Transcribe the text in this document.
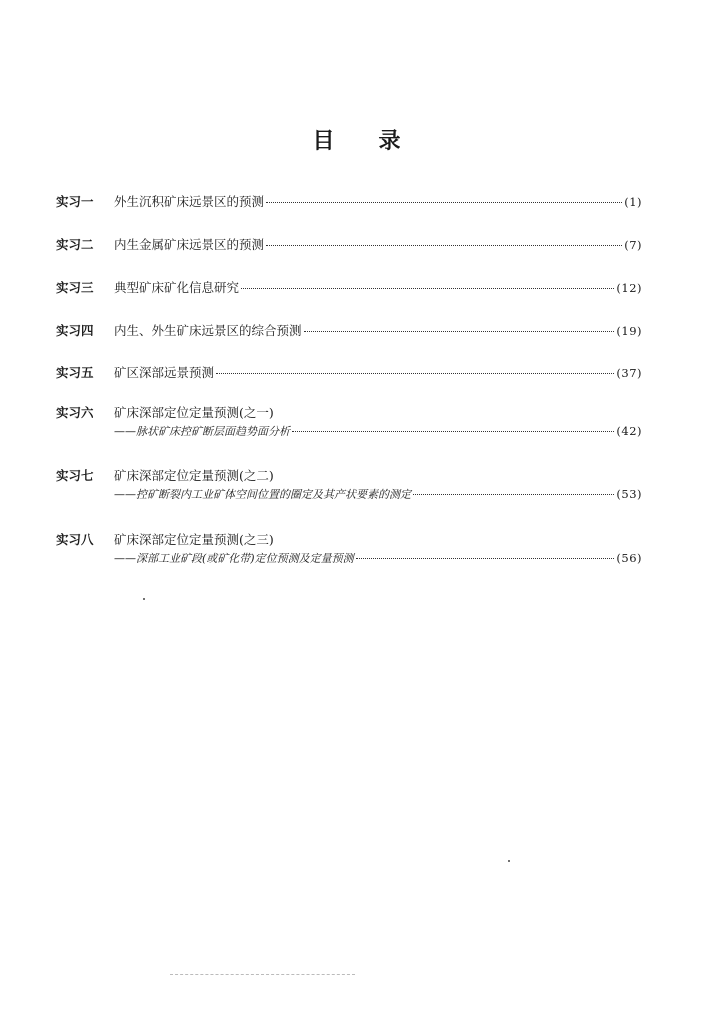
目 录
实习一	外生沉积矿床远景区的预测	(1)
实习二	内生金属矿床远景区的预测	(7)
实习三	典型矿床矿化信息研究	(12)
实习四	内生、外生矿床远景区的综合预测	(19)
实习五	矿区深部远景预测	(37)
实习六	矿床深部定位定量预测(之一)
——脉状矿床控矿断层面趋势面分析	(42)
实习七	矿床深部定位定量预测(之二)
——控矿断裂内工业矿体空间位置的圈定及其产状要素的测定	(53)
实习八	矿床深部定位定量预测(之三)
——深部工业矿段(或矿化带)定位预测及定量预测	(56)
